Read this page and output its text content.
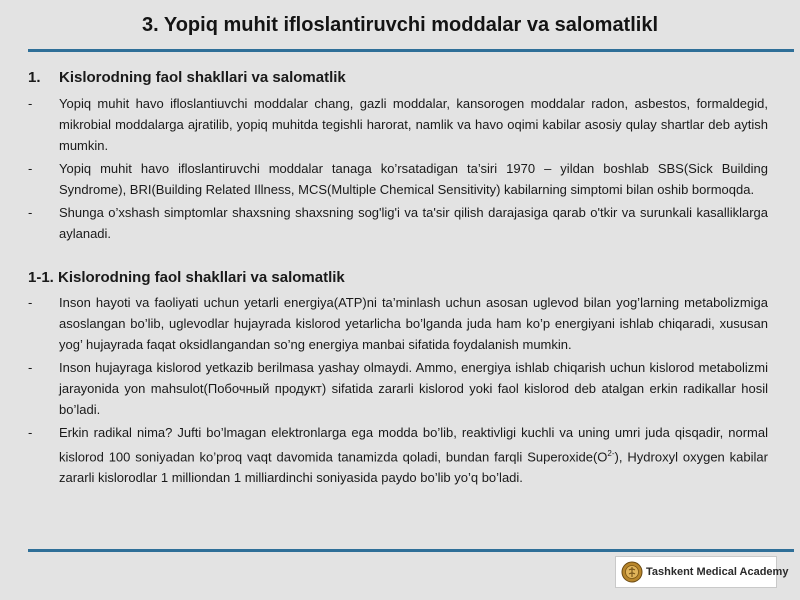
3. Yopiq muhit ifloslantiruvchi moddalar va salomatlikl
1.	Kislorodning faol shakllari va salomatlik
-	Yopiq muhit havo ifloslantiuvchi moddalar chang, gazli moddalar, kansorogen moddalar radon, asbestos, formaldegid, mikrobial moddalarga ajratilib, yopiq muhitda tegishli harorat, namlik va havo oqimi kabilar asosiy qulay shartlar deb aytish mumkin.
-	Yopiq muhit havo ifloslantiruvchi moddalar tanaga ko’rsatadigan ta’siri 1970 – yildan boshlab SBS(Sick Building Syndrome), BRI(Building Related Illness, MCS(Multiple Chemical Sensitivity) kabilarning simptomi bilan oshib bormoqda.
-	Shunga o’xshash simptomlar shaxsning shaxsning sog'lig'i va ta'sir qilish darajasiga qarab o'tkir va surunkali kasalliklarga aylanadi.
1-1. Kislorodning faol shakllari va salomatlik
-	Inson hayoti va faoliyati uchun yetarli energiya(ATP)ni ta’minlash uchun asosan uglevod bilan yog’larning metabolizmiga asoslangan bo’lib, uglevodlar hujayrada kislorod yetarlicha bo’lganda juda ham ko’p energiyani ishlab chiqaradi, xususan yog’ hujayrada faqat oksidlangandan so’ng energiya manbai sifatida foydalanish mumkin.
-	Inson hujayraga kislorod yetkazib berilmasa yashay olmaydi. Ammo, energiya ishlab chiqarish uchun kislorod metabolizmi jarayonida yon mahsulot(Побочный продукт) sifatida zararli kislorod yoki faol kislorod deb atalgan erkin radikallar hosil bo’ladi.
-	Erkin radikal nima? Jufti bo’lmagan elektronlarga ega modda bo’lib, reaktivligi kuchli va uning umri juda qisqadir, normal kislorod 100 soniyadan ko’proq vaqt davomida tanamizda qoladi, bundan farqli $Superoxide(O^{2-})$, Hydroxyl oxygen kabilar zararli kislorodlar 1 milliondan 1 milliardinchi soniyasida paydo bo’lib yo’q bo’ladi.
Tashkent Medical Academy
